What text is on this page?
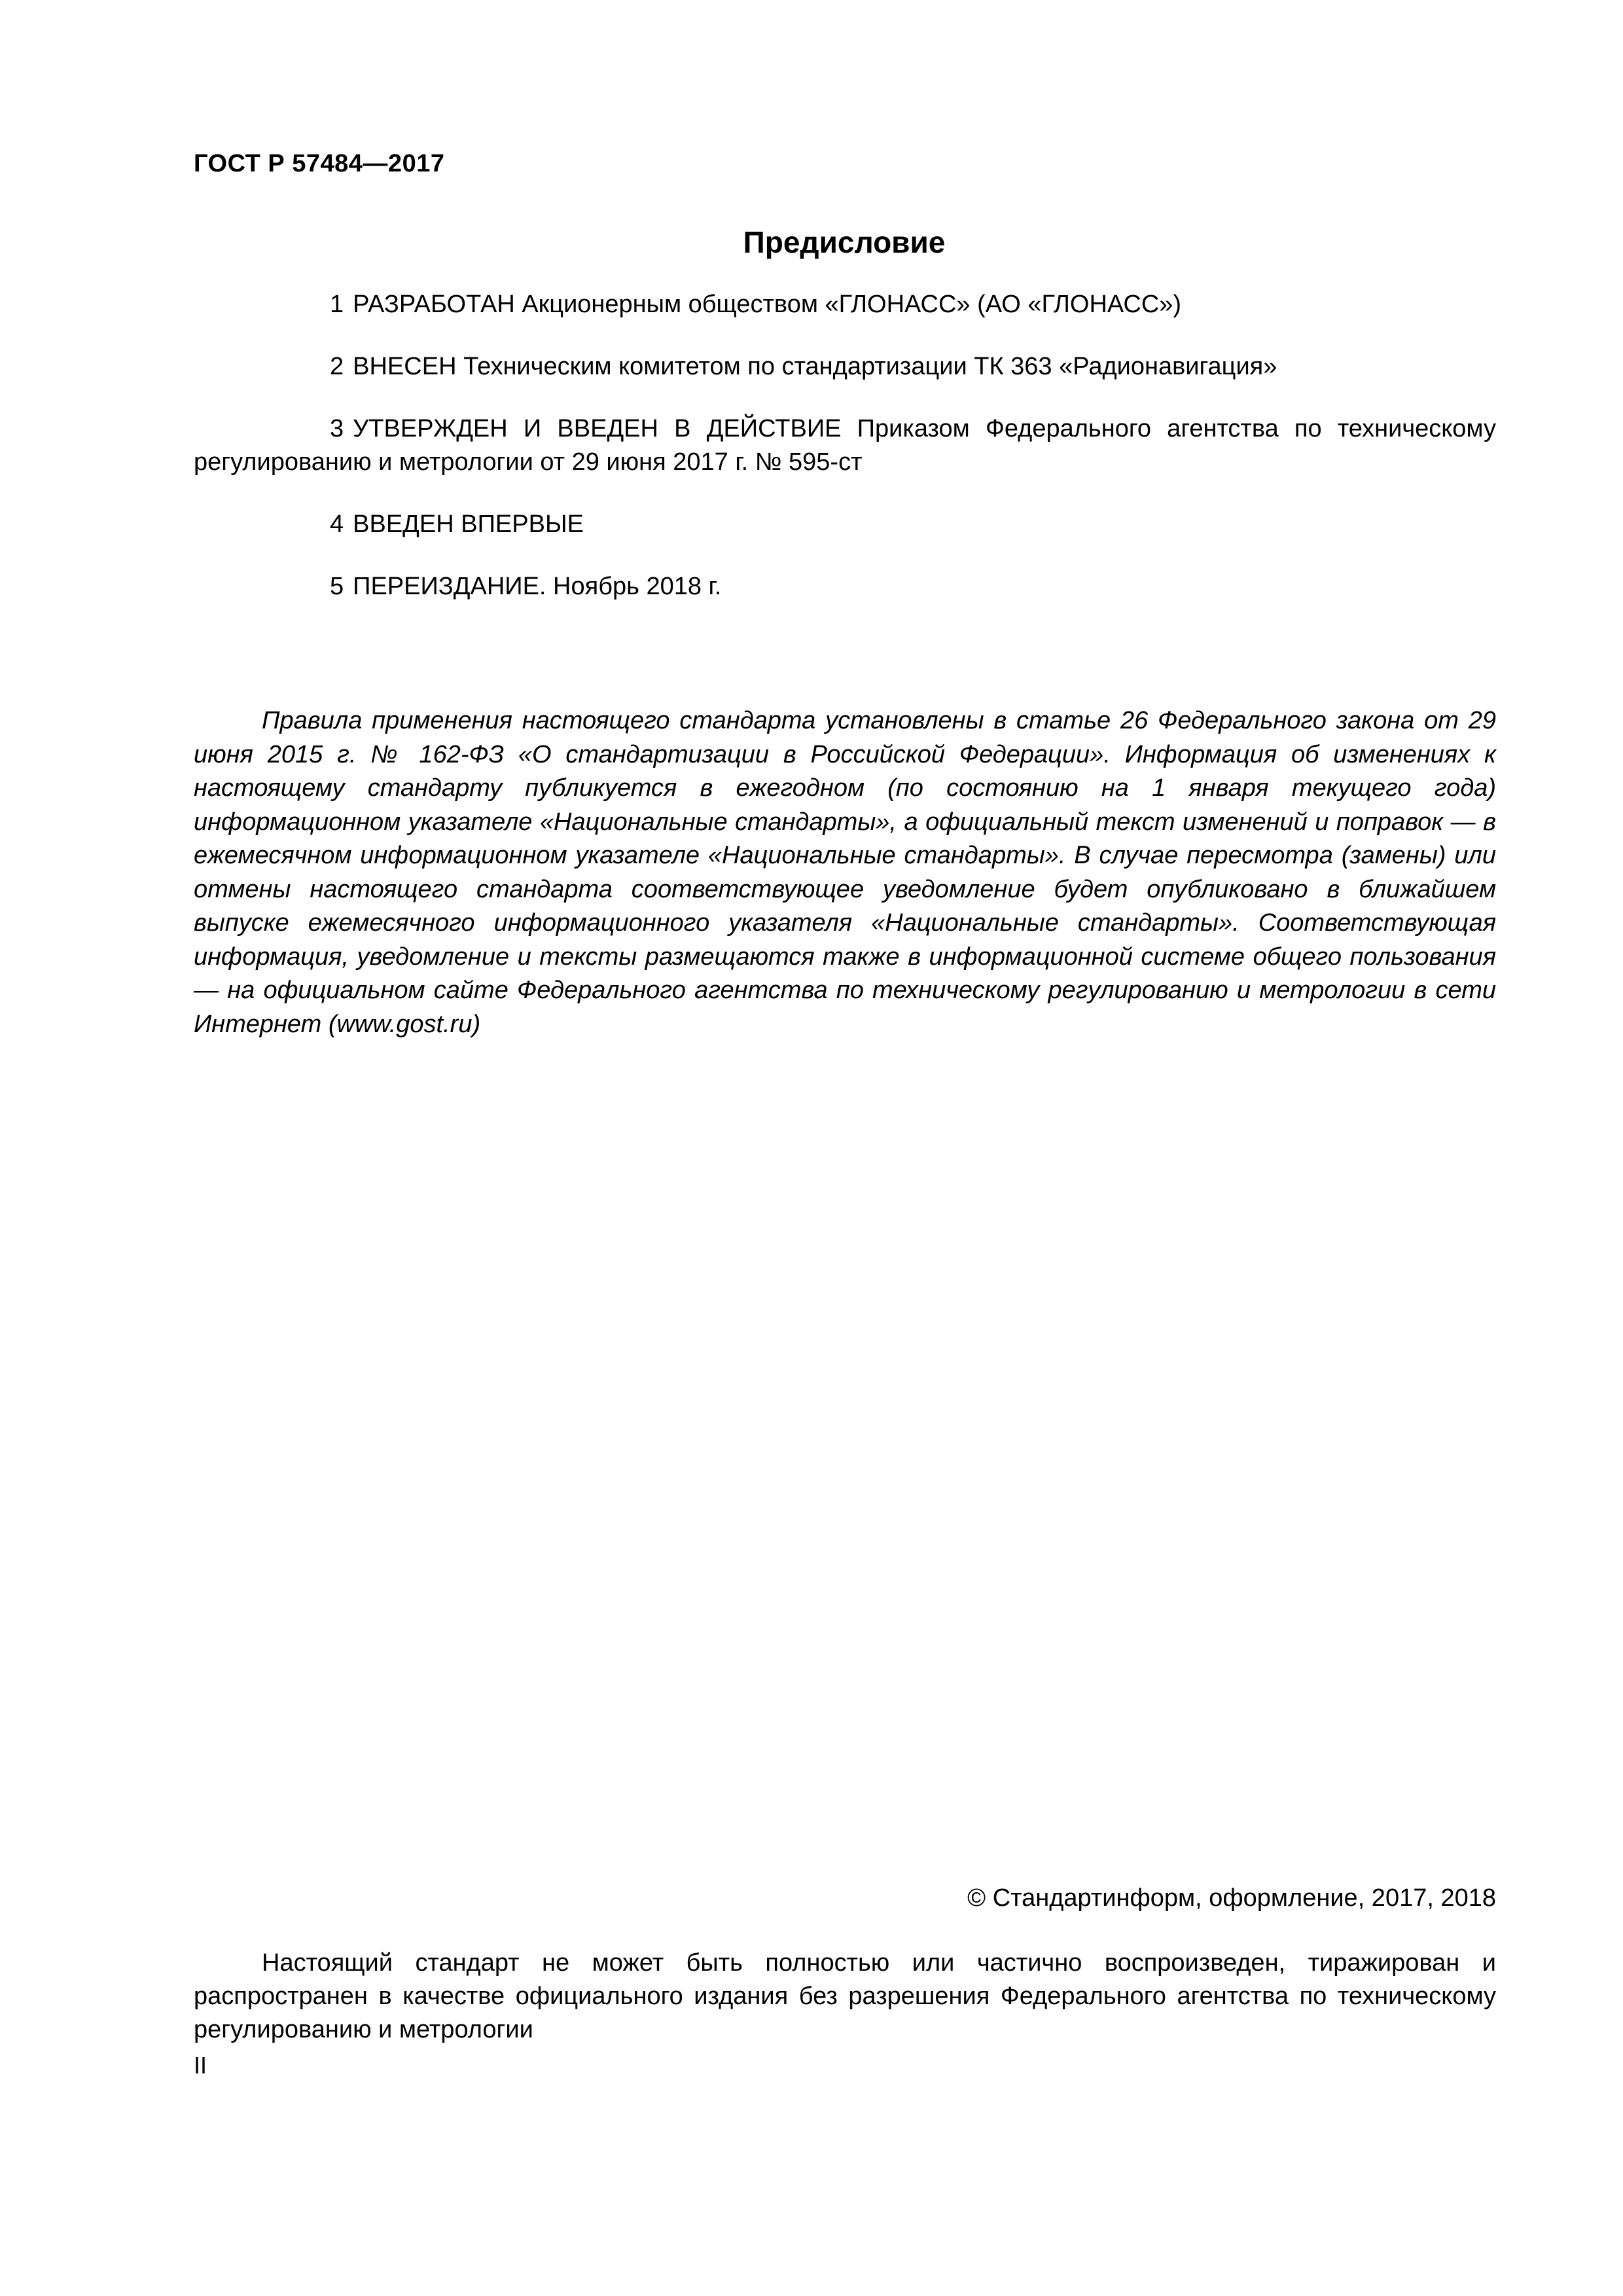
ГОСТ Р 57484—2017
Предисловие

1 РАЗРАБОТАН Акционерным обществом «ГЛОНАСС» (АО «ГЛОНАСС»)

2 ВНЕСЕН Техническим комитетом по стандартизации ТК 363 «Радионавигация»

3 УТВЕРЖДЕН И ВВЕДЕН В ДЕЙСТВИЕ Приказом Федерального агентства по техническому регулированию и метрологии от 29 июня 2017 г. № 595-ст

4 ВВЕДЕН ВПЕРВЫЕ

5 ПЕРЕИЗДАНИЕ. Ноябрь 2018 г.

Правила применения настоящего стандарта установлены в статье 26 Федерального закона от 29 июня 2015 г. № 162-ФЗ «О стандартизации в Российской Федерации». Информация об изменениях к настоящему стандарту публикуется в ежегодном (по состоянию на 1 января текущего года) информационном указателе «Национальные стандарты», а официальный текст изменений и поправок — в ежемесячном информационном указателе «Национальные стандарты». В случае пересмотра (замены) или отмены настоящего стандарта соответствующее уведомление будет опубликовано в ближайшем выпуске ежемесячного информационного указателя «Национальные стандарты». Соответствующая информация, уведомление и тексты размещаются также в информационной системе общего пользования — на официальном сайте Федерального агентства по техническому регулированию и метрологии в сети Интернет (www.gost.ru)
© Стандартинформ, оформление, 2017, 2018
Настоящий стандарт не может быть полностью или частично воспроизведен, тиражирован и распространен в качестве официального издания без разрешения Федерального агентства по техническому регулированию и метрологии
II
